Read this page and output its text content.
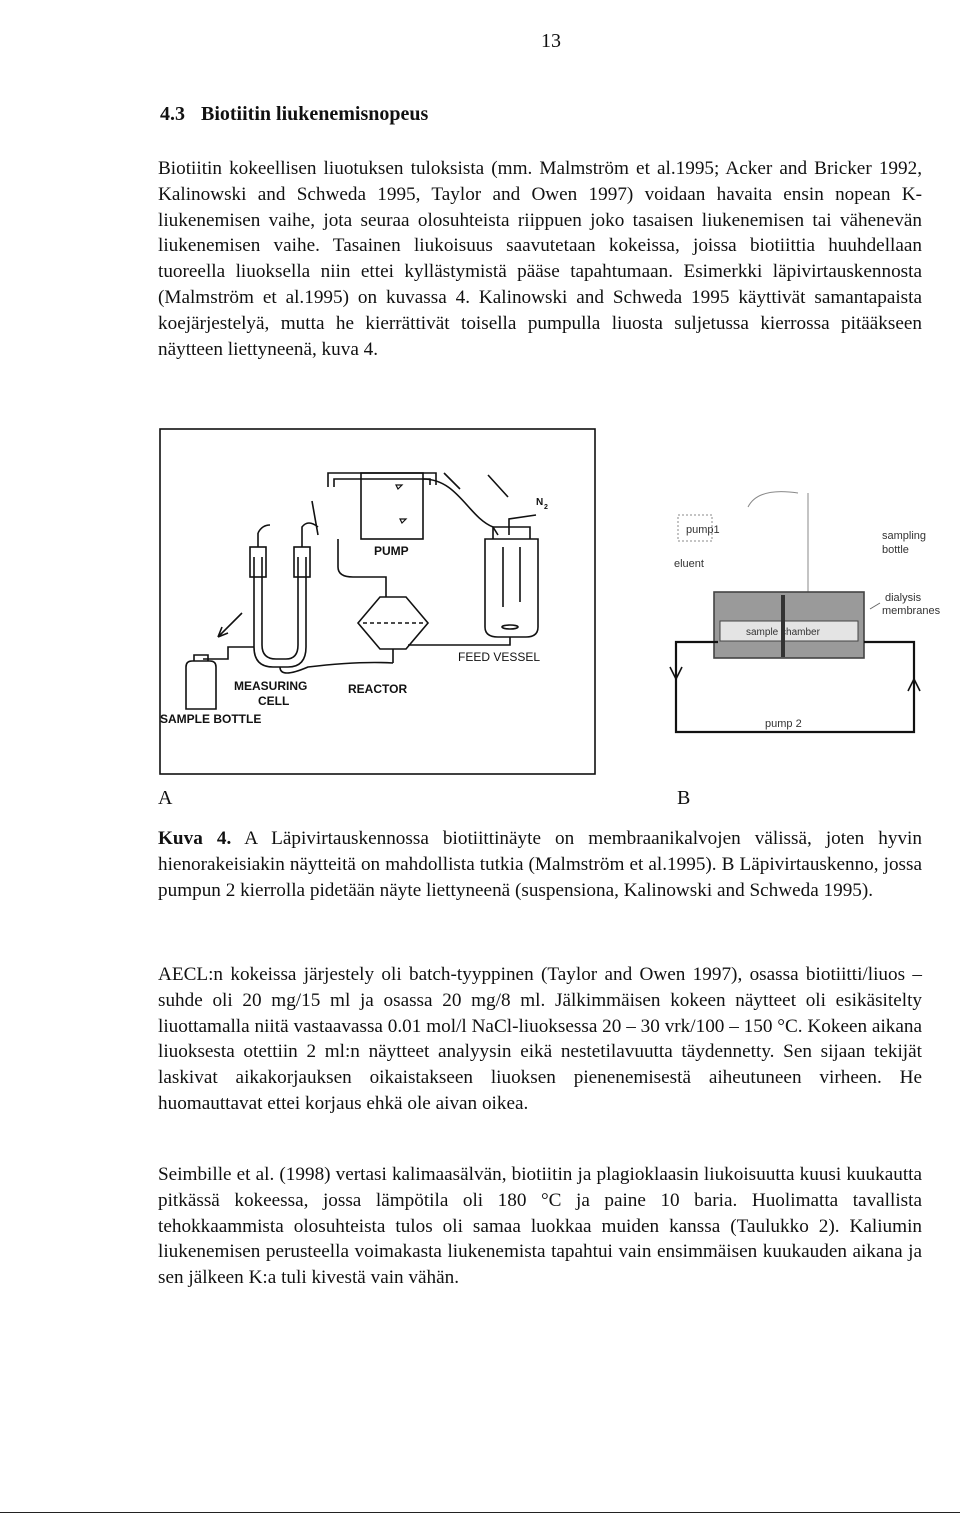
13
4.3 Biotiitin liukenemisnopeus

Biotiitin kokeellisen liuotuksen tuloksista (mm. Malmström et al.1995; Acker and Bricker 1992, Kalinowski and Schweda 1995, Taylor and Owen 1997) voidaan havaita ensin nopean K-liukenemisen vaihe, jota seuraa olosuhteista riippuen joko tasaisen liukenemisen tai vähenevän liukenemisen vaihe. Tasainen liukoisuus saavutetaan kokeissa, joissa biotiittia huuhdellaan tuoreella liuoksella niin ettei kyllästymistä pääse tapahtumaan. Esimerkki läpivirtauskennosta (Malmström et al.1995) on kuvassa 4. Kalinowski and Schweda 1995 käyttivät samantapaista koejärjestelyä, mutta he kierrättivät toisella pumpulla liuosta suljetussa kierrossa pitääkseen näytteen liettyneenä, kuva 4.

PUMP
N 2
FEED VESSEL
MEASURING
CELL
REACTOR
SAMPLE BOTTLE
pump1
eluent
sampling
bottle
dialysis
membranes
sample chamber
pump 2
A	B

Kuva 4. A Läpivirtauskennossa biotiittinäyte on membraanikalvojen välissä, joten hyvin hienorakeisiakin näytteitä on mahdollista tutkia (Malmström et al.1995). B Läpivirtauskenno, jossa pumpun 2 kierrolla pidetään näyte liettyneenä (suspensiona, Kalinowski and Schweda 1995).

AECL:n kokeissa järjestely oli batch-tyyppinen (Taylor and Owen 1997), osassa biotiitti/liuos –suhde oli 20 mg/15 ml ja osassa 20 mg/8 ml. Jälkimmäisen kokeen näytteet oli esikäsitelty liuottamalla niitä vastaavassa 0.01 mol/l NaCl-liuoksessa 20 – 30 vrk/100 – 150 °C. Kokeen aikana liuoksesta otettiin 2 ml:n näytteet analyysin eikä nestetilavuutta täydennetty. Sen sijaan tekijät laskivat aikakorjauksen oikaistakseen liuoksen pienenemisestä aiheutuneen virheen. He huomauttavat ettei korjaus ehkä ole aivan oikea.

Seimbille et al. (1998) vertasi kalimaasälvän, biotiitin ja plagioklaasin liukoisuutta kuusi kuukautta pitkässä kokeessa, jossa lämpötila oli 180 °C ja paine 10 baria. Huolimatta tavallista tehokkaammista olosuhteista tulos oli samaa luokkaa muiden kanssa (Taulukko 2). Kaliumin liukenemisen perusteella voimakasta liukenemista tapahtui vain ensimmäisen kuukauden aikana ja sen jälkeen K:a tuli kivestä vain vähän.
